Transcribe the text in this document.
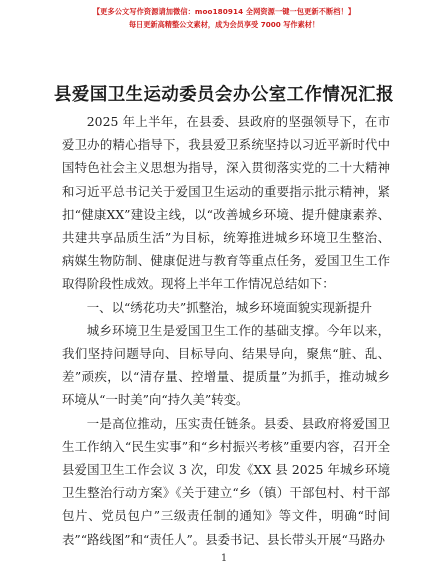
【更多公文写作资源请加微信：moo180914 全网资源一键一包更新不断档！】
每日更新高精整公文素材，成为会员享受 7000 写作素材！
县爱国卫生运动委员会办公室工作情况汇报

2025 年上半年，在县委、县政府的坚强领导下，在市爱卫办的精心指导下，我县爱卫系统坚持以习近平新时代中国特色社会主义思想为指导，深入贯彻落实党的二十大精神和习近平总书记关于爱国卫生运动的重要指示批示精神，紧扣“健康XX”建设主线，以“改善城乡环境、提升健康素养、共建共享品质生活”为目标，统筹推进城乡环境卫生整治、病媒生物防制、健康促进与教育等重点任务，爱国卫生工作取得阶段性成效。现将上半年工作情况总结如下：

一、以“绣花功夫”抓整治，城乡环境面貌实现新提升

城乡环境卫生是爱国卫生工作的基础支撑。今年以来，我们坚持问题导向、目标导向、结果导向，聚焦“脏、乱、差”顽疾，以“清存量、控增量、提质量”为抓手，推动城乡环境从“一时美”向“持久美”转变。

一是高位推动，压实责任链条。县委、县政府将爱国卫生工作纳入“民生实事”和“乡村振兴考核”重要内容，召开全县爱国卫生工作会议 3 次，印发《XX 县 2025 年城乡环境卫生整治行动方案》《关于建立“乡（镇）干部包村、村干部包片、党员包户”三级责任制的通知》等文件，明确“时间表”“路线图”和“责任人”。县委书记、县长带头开展“马路办

1
